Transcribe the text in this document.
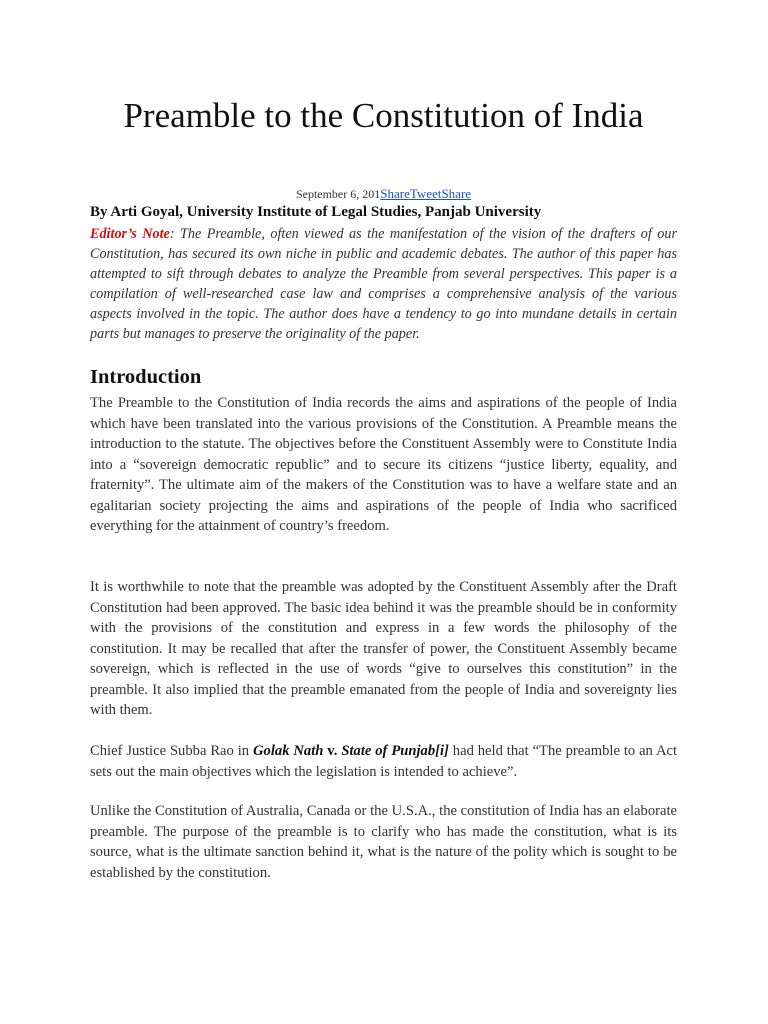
Preamble to the Constitution of India
September 6, 201ShareTweetShare
By Arti Goyal, University Institute of Legal Studies, Panjab University

Editor’s Note: The Preamble, often viewed as the manifestation of the vision of the drafters of our Constitution, has secured its own niche in public and academic debates. The author of this paper has attempted to sift through debates to analyze the Preamble from several perspectives. This paper is a compilation of well-researched case law and comprises a comprehensive analysis of the various aspects involved in the topic. The author does have a tendency to go into mundane details in certain parts but manages to preserve the originality of the paper.

Introduction

The Preamble to the Constitution of India records the aims and aspirations of the people of India which have been translated into the various provisions of the Constitution. A Preamble means the introduction to the statute. The objectives before the Constituent Assembly were to Constitute India into a “sovereign democratic republic” and to secure its citizens “justice liberty, equality, and fraternity”. The ultimate aim of the makers of the Constitution was to have a welfare state and an egalitarian society projecting the aims and aspirations of the people of India who sacrificed everything for the attainment of country’s freedom.

It is worthwhile to note that the preamble was adopted by the Constituent Assembly after the Draft Constitution had been approved. The basic idea behind it was the preamble should be in conformity with the provisions of the constitution and express in a few words the philosophy of the constitution. It may be recalled that after the transfer of power, the Constituent Assembly became sovereign, which is reflected in the use of words “give to ourselves this constitution” in the preamble. It also implied that the preamble emanated from the people of India and sovereignty lies with them.

Chief Justice Subba Rao in Golak Nath v. State of Punjab[i] had held that “The preamble to an Act sets out the main objectives which the legislation is intended to achieve”.

Unlike the Constitution of Australia, Canada or the U.S.A., the constitution of India has an elaborate preamble. The purpose of the preamble is to clarify who has made the constitution, what is its source, what is the ultimate sanction behind it, what is the nature of the polity which is sought to be established by the constitution.
